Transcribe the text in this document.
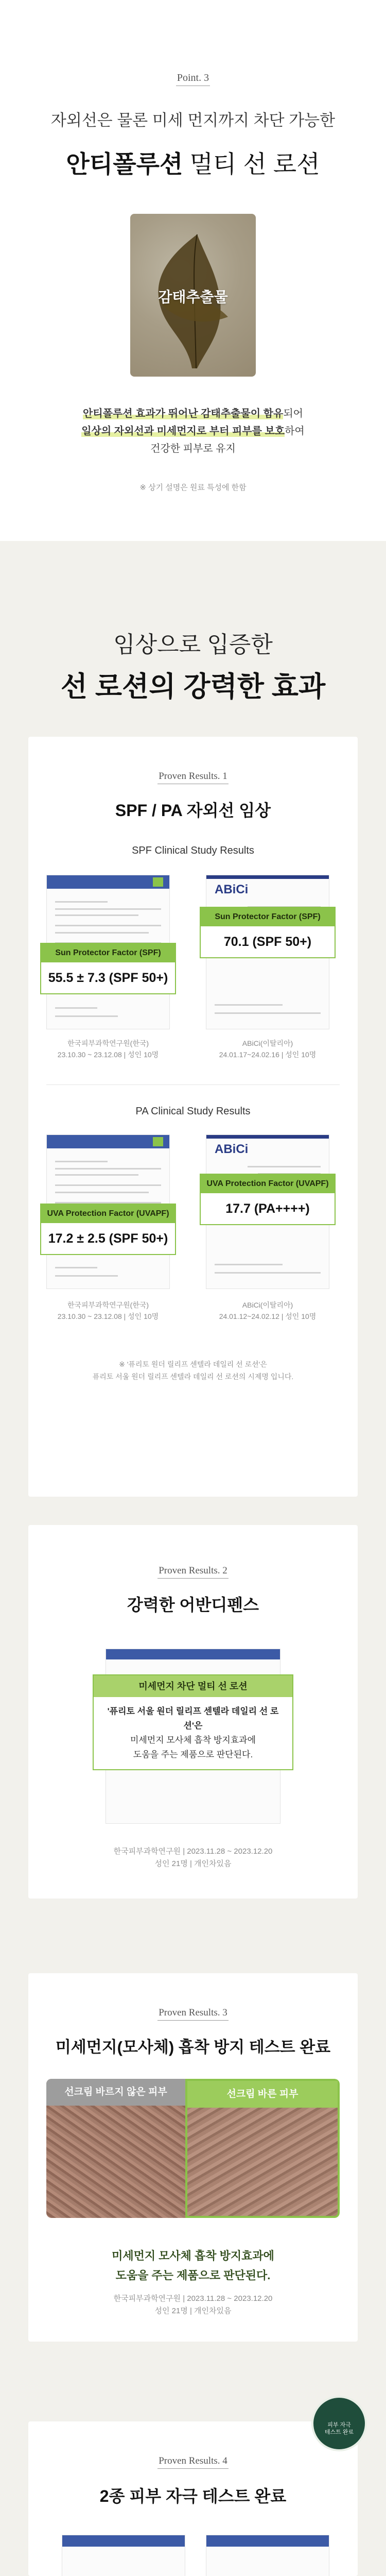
Point. 3
자외선은 물론 미세 먼지까지 차단 가능한
안티폴루션 멀티 선 로션
감태추출물
안티폴루션 효과가 뛰어난 감태추출물이 함유되어
일상의 자외선과 미세먼지로 부터 피부를 보호하여
건강한 피부로 유지
※ 상기 설명은 원료 특성에 한함
임상으로 입증한
선 로션의 강력한 효과
Proven Results. 1
SPF / PA 자외선 임상
SPF Clinical Study Results
Sun Protector Factor (SPF)
55.5 ± 7.3 (SPF 50+)
한국피부과학연구원(한국)
23.10.30 ~ 23.12.08 | 성인 10명
ABiCi
Sun Protector Factor (SPF)
70.1 (SPF 50+)
ABiCi(이탈리아)
24.01.17~24.02.16 | 성인 10명
PA Clinical Study Results
UVA Protection Factor (UVAPF)
17.2 ± 2.5 (SPF 50+)
한국피부과학연구원(한국)
23.10.30 ~ 23.12.08 | 성인 10명
ABiCi
UVA Protection Factor (UVAPF)
17.7 (PA++++)
ABiCi(이탈리아)
24.01.12~24.02.12 | 성인 10명
※ '퓨리토 원더 릴리프 센텔라 데일리 선 로션'은
퓨리토 서울 원더 릴리프 센텔라 데일리 선 로션의 시제명 입니다.
Proven Results. 2
강력한 어반디펜스
미세먼지 차단 멀티 선 로션
'퓨리토 서울 원더 릴리프 센텔라 데일리 선 로션'은
미세먼지 모사체 흡착 방지효과에
도움을 주는 제품으로 판단된다.
한국피부과학연구원 | 2023.11.28 ~ 2023.12.20
성인 21명 | 개인차있음
Proven Results. 3
미세먼지(모사체) 흡착 방지 테스트 완료
선크림 바르지 않은 피부	선크림 바른 피부
미세먼지 모사체 흡착 방지효과에
도움을 주는 제품으로 판단된다.
한국피부과학연구원 | 2023.11.28 ~ 2023.12.20
성인 21명 | 개인차있음
Proven Results. 4
2종 피부 자극 테스트 완료
피부 자극
테스트 완료
